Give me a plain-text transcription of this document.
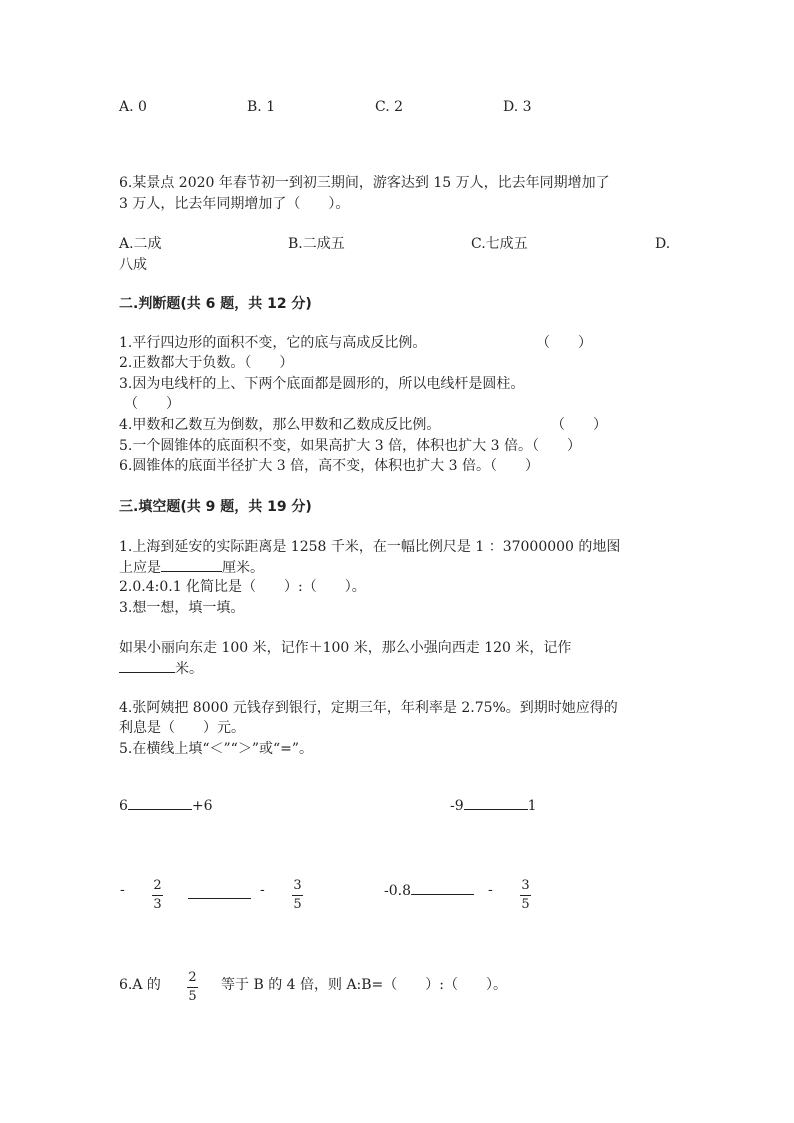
A. 0	B. 1	C. 2	D. 3
6.某景点 2020 年春节初一到初三期间，游客达到 15 万人，比去年同期增加了
3 万人，比去年同期增加了（　　）。
A.二成	B.二成五	C.七成五	D.
八成
二.判断题(共 6 题，共 12 分)
1.平行四边形的面积不变，它的底与高成反比例。	（　　）
2.正数都大于负数。（　　）
3.因为电线杆的上、下两个底面都是圆形的，所以电线杆是圆柱。
（　　）
4.甲数和乙数互为倒数，那么甲数和乙数成反比例。	（　　）
5.一个圆锥体的底面积不变，如果高扩大 3 倍，体积也扩大 3 倍。（　　）
6.圆锥体的底面半径扩大 3 倍，高不变，体积也扩大 3 倍。（　　）
三.填空题(共 9 题，共 19 分)
1.上海到延安的实际距离是 1258 千米，在一幅比例尺是 1 ：37000000 的地图
上应是	厘米。
2.0.4:0.1 化简比是（　　）:（　　）。
3.想一想，填一填。
如果小丽向东走 100 米，记作＋100 米，那么小强向西走 120 米，记作
米。
4.张阿姨把 8000 元钱存到银行，定期三年，年利率是 2.75%。到期时她应得的
利息是（　　）元。
5.在横线上填“＜”“＞”或“=”。
6	+6	-9	1
- 2
3
- 3
5
-0.8	- 3
5
6.A 的 2
5
等于 B 的 4 倍，则 A:B=（　　）:（　　）。
